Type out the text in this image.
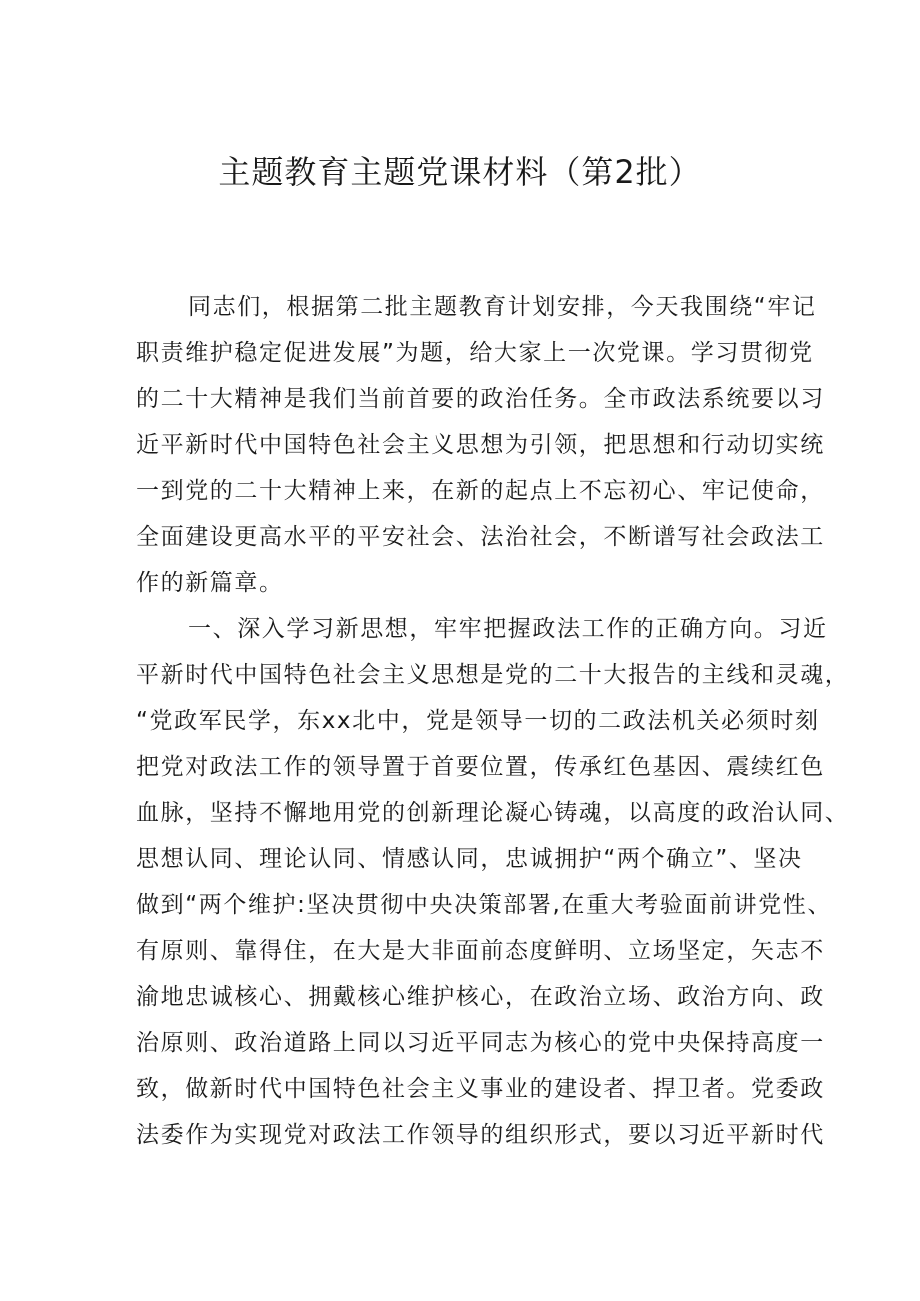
主题教育主题党课材料（第2批）
同志们，根据第二批主题教育计划安排，今天我围绕“牢记
职责维护稳定促进发展”为题，给大家上一次党课。学习贯彻党
的二十大精神是我们当前首要的政治任务。全市政法系统要以习
近平新时代中国特色社会主义思想为引领，把思想和行动切实统
一到党的二十大精神上来，在新的起点上不忘初心、牢记使命，
全面建设更高水平的平安社会、法治社会，不断谱写社会政法工
作的新篇章。
一、深入学习新思想，牢牢把握政法工作的正确方向。习近
平新时代中国特色社会主义思想是党的二十大报告的主线和灵魂，
“党政军民学，东xx北中，党是领导一切的二政法机关必须时刻
把党对政法工作的领导置于首要位置，传承红色基因、震续红色
血脉，坚持不懈地用党的创新理论凝心铸魂，以高度的政治认同、
思想认同、理论认同、情感认同，忠诚拥护“两个确立”、坚决
做到“两个维护:坚决贯彻中央决策部署,在重大考验面前讲党性、
有原则、靠得住，在大是大非面前态度鲜明、立场坚定，矢志不
渝地忠诚核心、拥戴核心维护核心，在政治立场、政治方向、政
治原则、政治道路上同以习近平同志为核心的党中央保持高度一
致，做新时代中国特色社会主义事业的建设者、捍卫者。党委政
法委作为实现党对政法工作领导的组织形式，要以习近平新时代
